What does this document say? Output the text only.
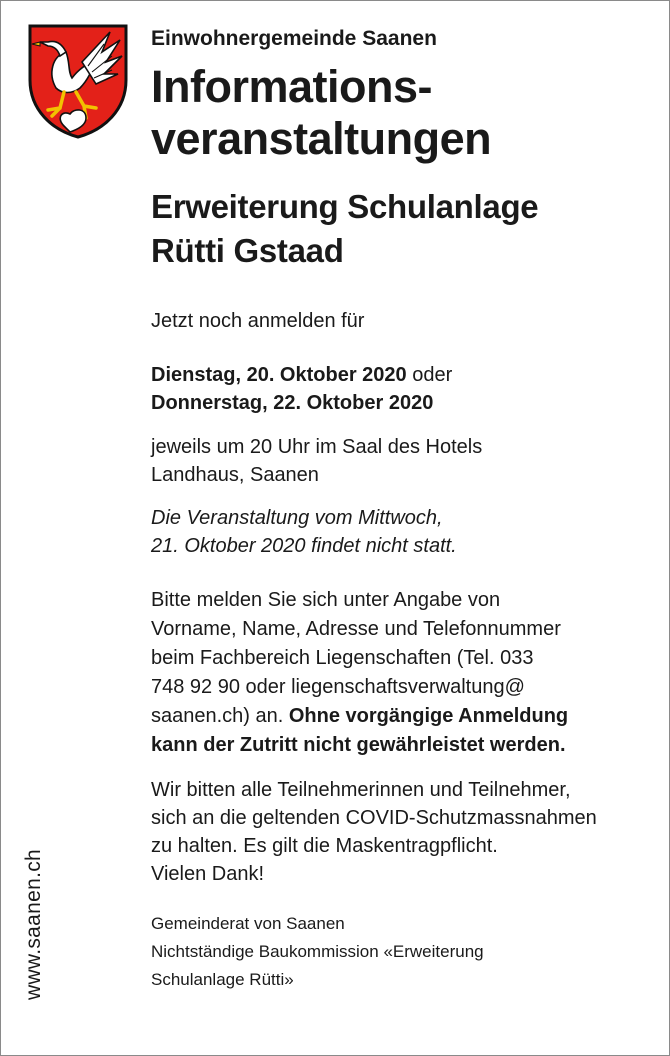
www.saanen.ch

Einwohnergemeinde Saanen

Informations-
veranstaltungen
Erweiterung Schulanlage
Rütti Gstaad

Jetzt noch anmelden für

Dienstag, 20. Oktober 2020 oder
Donnerstag, 22. Oktober 2020

jeweils um 20 Uhr im Saal des Hotels
Landhaus, Saanen

Die Veranstaltung vom Mittwoch,
21. Oktober 2020 findet nicht statt.

Bitte melden Sie sich unter Angabe von
Vorname, Name, Adresse und Telefonnummer
beim Fachbereich Liegenschaften (Tel. 033
748 92 90 oder liegenschaftsverwaltung@
saanen.ch) an. Ohne vorgängige Anmeldung
kann der Zutritt nicht gewährleistet werden.

Wir bitten alle Teilnehmerinnen und Teilnehmer,
sich an die geltenden COVID-Schutzmassnahmen
zu halten. Es gilt die Maskentragpflicht.
Vielen Dank!

Gemeinderat von Saanen
Nichtständige Baukommission «Erweiterung
Schulanlage Rütti»
